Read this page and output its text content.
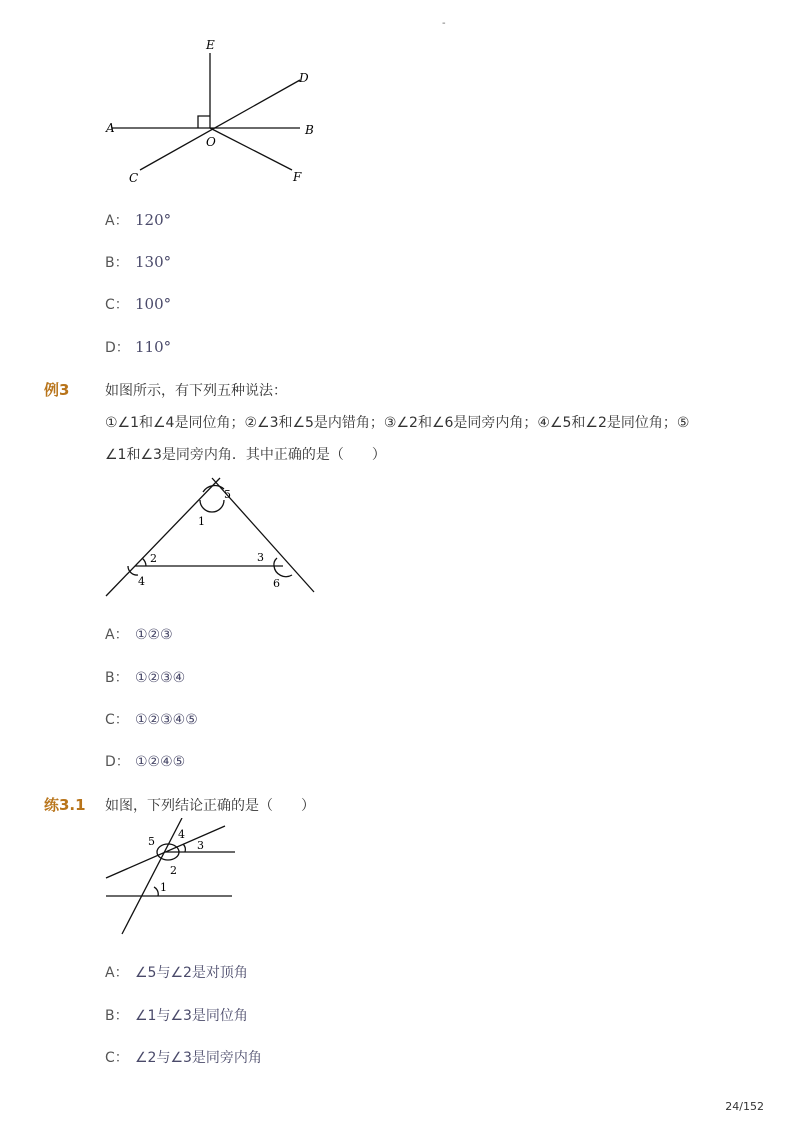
-
E
D
A	B
O
C	F
A： 120°
B： 130°
C： 100°
D： 110°
例3	如图所示，有下列五种说法：
①∠1和∠4是同位角；②∠3和∠5是内错角；③∠2和∠6是同旁内角；④∠5和∠2是同位角；⑤
∠1和∠3是同旁内角．其中正确的是（　　）
1
2	3
4
5
6
A： ①②③
B： ①②③④
C： ①②③④⑤
D： ①②④⑤
练3.1 如图，下列结论正确的是（　　）
5
4
3
2
1
A： ∠5与∠2是对顶角
B： ∠1与∠3是同位角
C： ∠2与∠3是同旁内角
24/152
